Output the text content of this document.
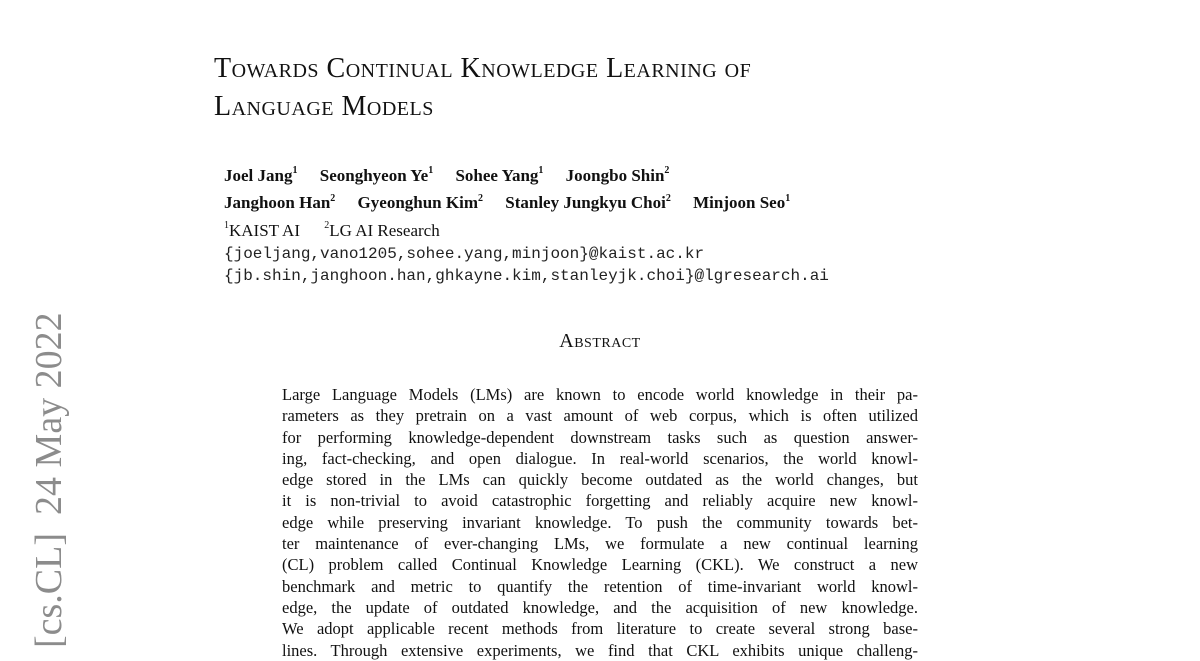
[cs.CL]24 May 2022
Towards Continual Knowledge Learning of
Language Models
Joel Jang$^1$ Seonghyeon Ye$^1$ Sohee Yang$^1$ Joongbo Shin$^2$
Janghoon Han$^2$ Gyeonghun Kim$^2$ Stanley Jungkyu Choi$^2$ Minjoon Seo$^1$
$^1$KAIST AI $^2$LG AI Research
{joeljang,vano1205,sohee.yang,minjoon}@kaist.ac.kr
{jb.shin,janghoon.han,ghkayne.kim,stanleyjk.choi}@lgresearch.ai
Abstract
Large Language Models (LMs) are known to encode world knowledge in their pa-
rameters as they pretrain on a vast amount of web corpus, which is often utilized
for performing knowledge-dependent downstream tasks such as question answer-
ing, fact-checking, and open dialogue. In real-world scenarios, the world knowl-
edge stored in the LMs can quickly become outdated as the world changes, but
it is non-trivial to avoid catastrophic forgetting and reliably acquire new knowl-
edge while preserving invariant knowledge. To push the community towards bet-
ter maintenance of ever-changing LMs, we formulate a new continual learning
(CL) problem called Continual Knowledge Learning (CKL). We construct a new
benchmark and metric to quantify the retention of time-invariant world knowl-
edge, the update of outdated knowledge, and the acquisition of new knowledge.
We adopt applicable recent methods from literature to create several strong base-
lines. Through extensive experiments, we find that CKL exhibits unique challeng-
